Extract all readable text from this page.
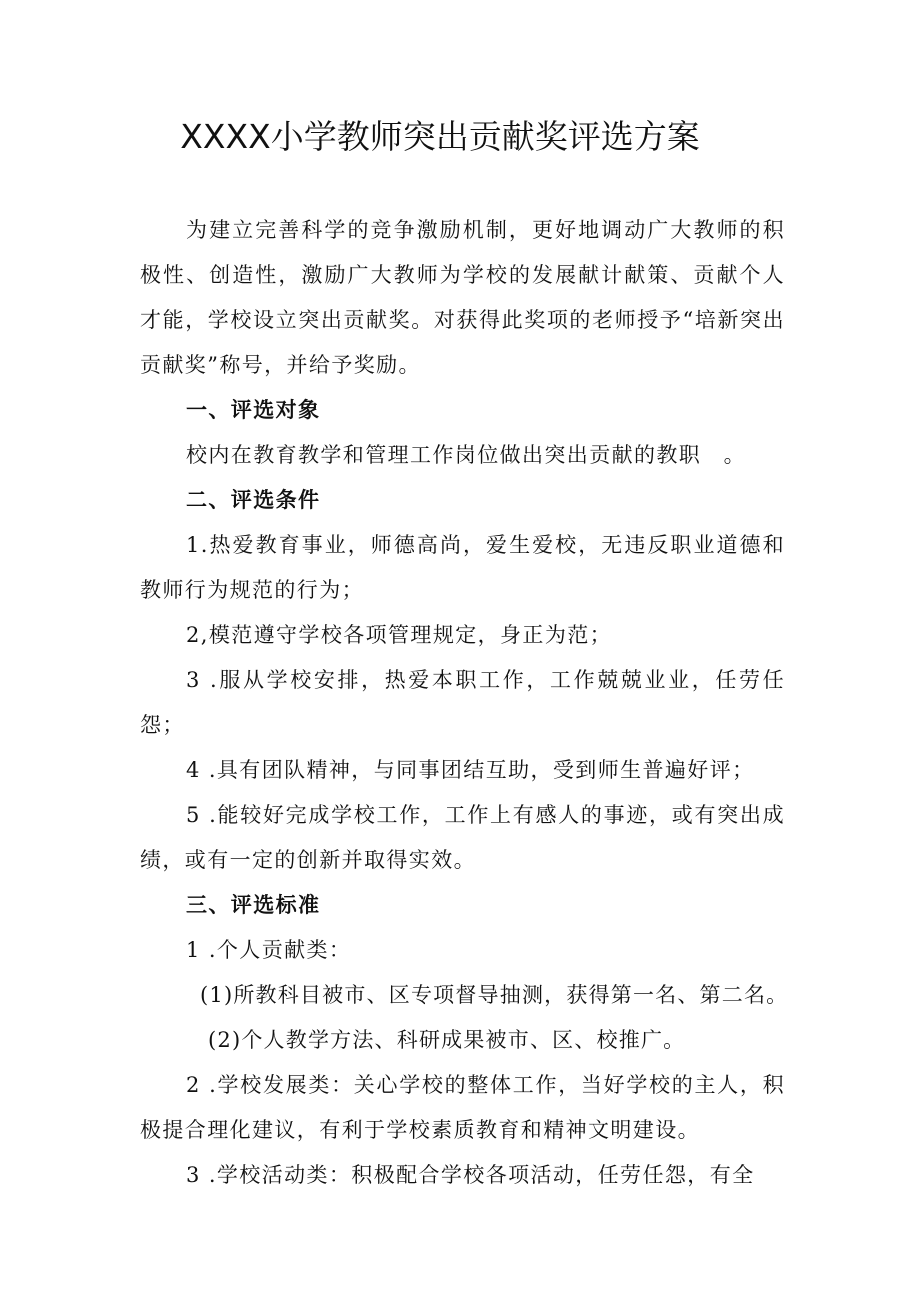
XXXX小学教师突出贡献奖评选方案

为建立完善科学的竞争激励机制，更好地调动广大教师的积极性、创造性，激励广大教师为学校的发展献计献策、贡献个人才能，学校设立突出贡献奖。对获得此奖项的老师授予“培新突出贡献奖”称号，并给予奖励。

一、评选对象

校内在教育教学和管理工作岗位做出突出贡献的教职　。

二、评选条件

1.热爱教育事业，师德高尚，爱生爱校，无违反职业道德和教师行为规范的行为；

2,模范遵守学校各项管理规定，身正为范；

3 .服从学校安排，热爱本职工作，工作兢兢业业，任劳任怨；

4 .具有团队精神，与同事团结互助，受到师生普遍好评；

5 .能较好完成学校工作，工作上有感人的事迹，或有突出成绩，或有一定的创新并取得实效。

三、评选标准

1 .个人贡献类：

(1)所教科目被市、区专项督导抽测，获得第一名、第二名。

(2)个人教学方法、科研成果被市、区、校推广。

2 .学校发展类：关心学校的整体工作，当好学校的主人，积极提合理化建议，有利于学校素质教育和精神文明建设。

3 .学校活动类：积极配合学校各项活动，任劳任怨，有全
